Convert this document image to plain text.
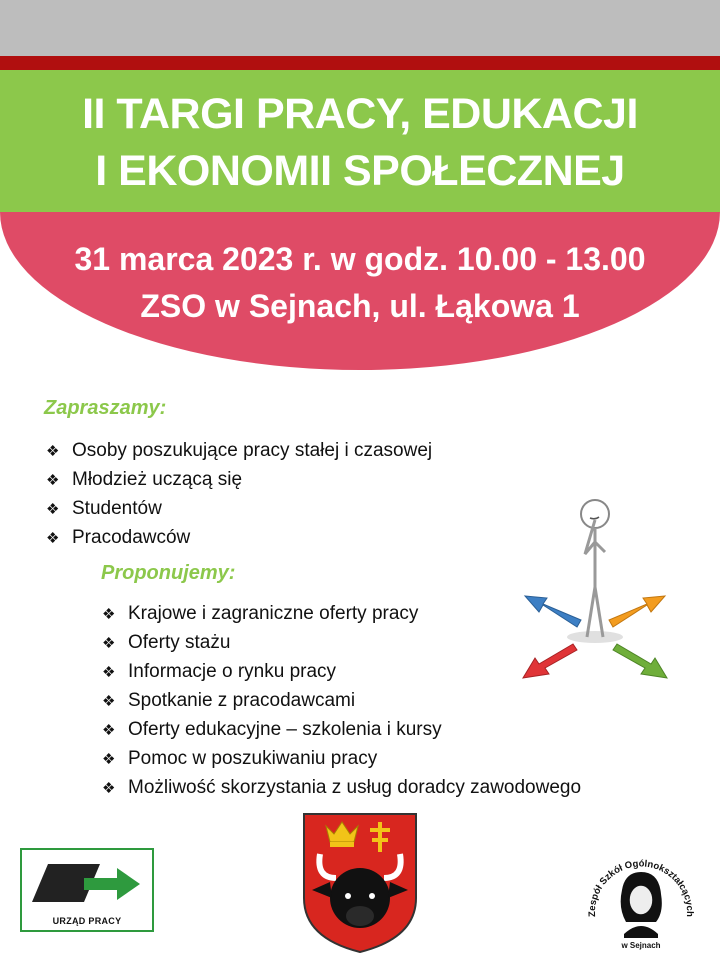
II TARGI PRACY, EDUKACJI
I EKONOMII SPOŁECZNEJ
31 marca 2023 r. w godz. 10.00 - 13.00
ZSO w Sejnach, ul. Łąkowa 1
Zapraszamy:
❖ Osoby poszukujące pracy stałej i czasowej
❖ Młodzież uczącą się
❖ Studentów
❖ Pracodawców
Proponujemy:
❖ Krajowe i zagraniczne oferty pracy
❖ Oferty stażu
❖ Informacje o rynku pracy
❖ Spotkanie z pracodawcami
❖ Oferty edukacyjne – szkolenia i kursy
❖ Pomoc w poszukiwaniu pracy
❖ Możliwość skorzystania z usług doradcy zawodowego
URZĄD PRACY
Zespół Szkół Ogólnokształcących
w Sejnach
